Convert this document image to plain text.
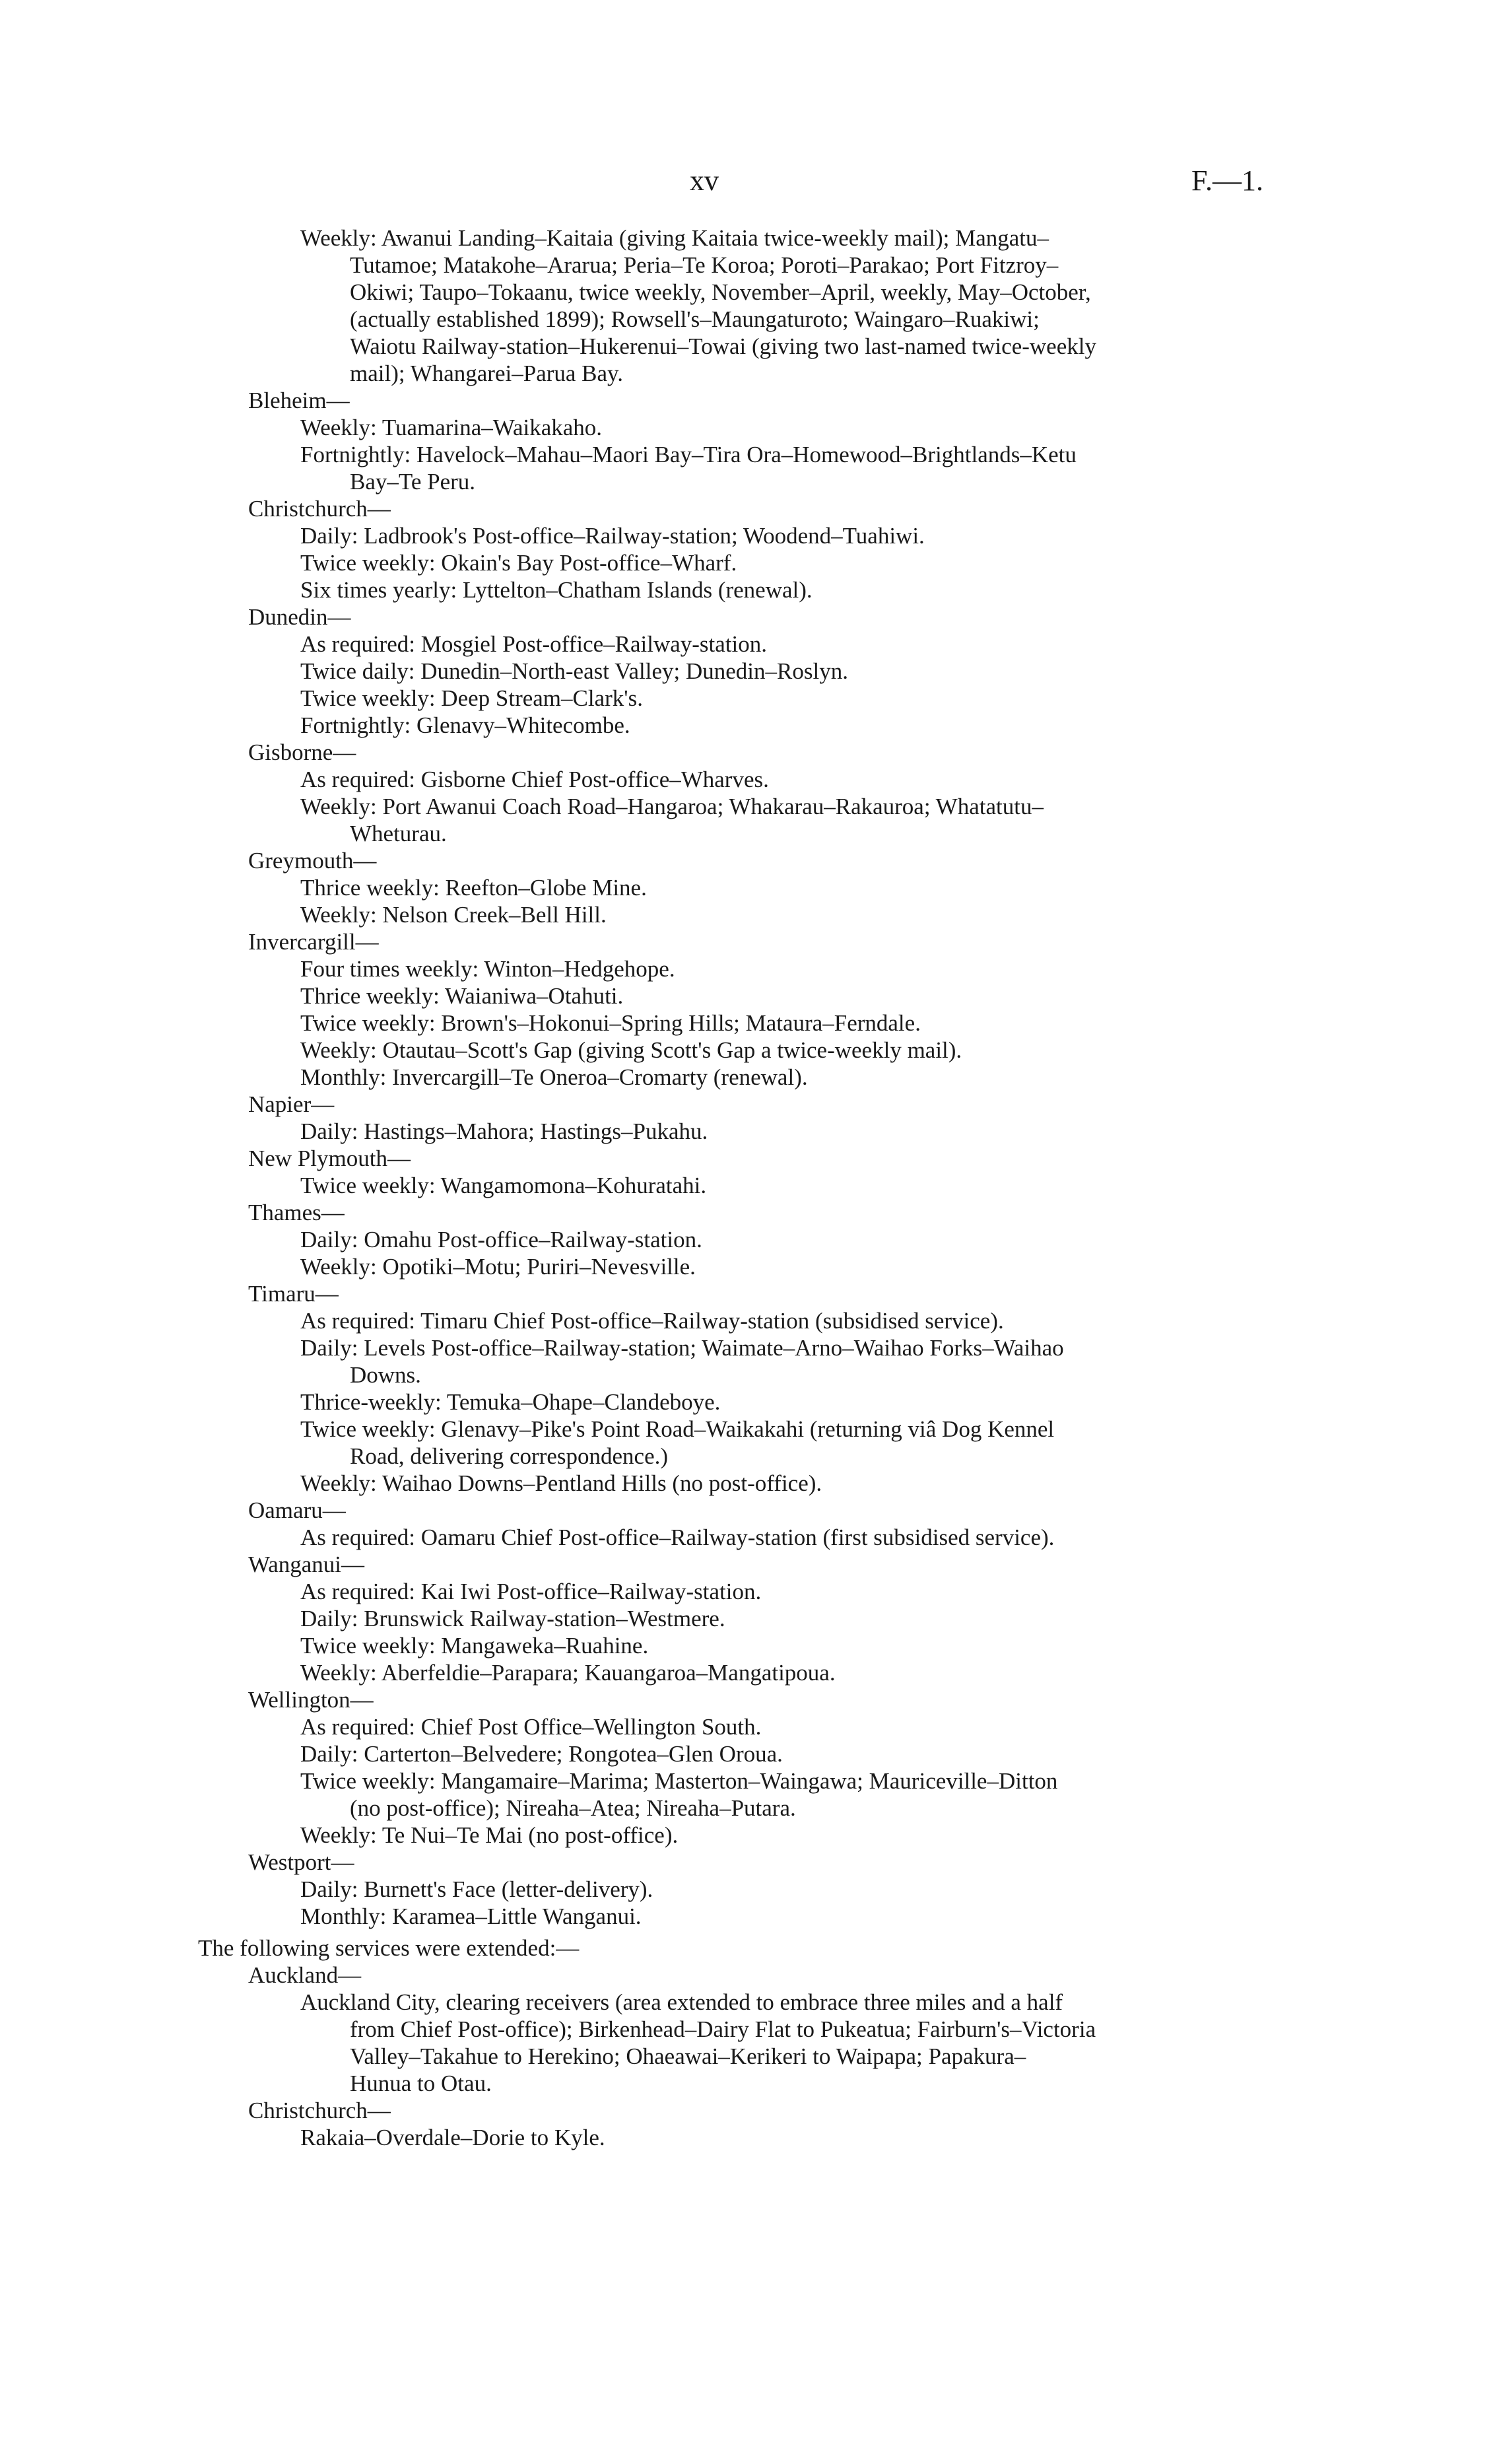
xv	F.—1.
Weekly: Awanui Landing–Kaitaia (giving Kaitaia twice-weekly mail); Mangatu–
Tutamoe; Matakohe–Ararua; Peria–Te Koroa; Poroti–Parakao; Port Fitzroy–
Okiwi; Taupo–Tokaanu, twice weekly, November–April, weekly, May–October,
(actually established 1899); Rowsell's–Maungaturoto; Waingaro–Ruakiwi;
Waiotu Railway-station–Hukerenui–Towai (giving two last-named twice-weekly
mail); Whangarei–Parua Bay.
Bleheim—
Weekly: Tuamarina–Waikakaho.
Fortnightly: Havelock–Mahau–Maori Bay–Tira Ora–Homewood–Brightlands–Ketu
Bay–Te Peru.
Christchurch—
Daily: Ladbrook's Post-office–Railway-station; Woodend–Tuahiwi.
Twice weekly: Okain's Bay Post-office–Wharf.
Six times yearly: Lyttelton–Chatham Islands (renewal).
Dunedin—
As required: Mosgiel Post-office–Railway-station.
Twice daily: Dunedin–North-east Valley; Dunedin–Roslyn.
Twice weekly: Deep Stream–Clark's.
Fortnightly: Glenavy–Whitecombe.
Gisborne—
As required: Gisborne Chief Post-office–Wharves.
Weekly: Port Awanui Coach Road–Hangaroa; Whakarau–Rakauroa; Whatatutu–
Wheturau.
Greymouth—
Thrice weekly: Reefton–Globe Mine.
Weekly: Nelson Creek–Bell Hill.
Invercargill—
Four times weekly: Winton–Hedgehope.
Thrice weekly: Waianiwa–Otahuti.
Twice weekly: Brown's–Hokonui–Spring Hills; Mataura–Ferndale.
Weekly: Otautau–Scott's Gap (giving Scott's Gap a twice-weekly mail).
Monthly: Invercargill–Te Oneroa–Cromarty (renewal).
Napier—
Daily: Hastings–Mahora; Hastings–Pukahu.
New Plymouth—
Twice weekly: Wangamomona–Kohuratahi.
Thames—
Daily: Omahu Post-office–Railway-station.
Weekly: Opotiki–Motu; Puriri–Nevesville.
Timaru—
As required: Timaru Chief Post-office–Railway-station (subsidised service).
Daily: Levels Post-office–Railway-station; Waimate–Arno–Waihao Forks–Waihao
Downs.
Thrice-weekly: Temuka–Ohape–Clandeboye.
Twice weekly: Glenavy–Pike's Point Road–Waikakahi (returning viâ Dog Kennel
Road, delivering correspondence.)
Weekly: Waihao Downs–Pentland Hills (no post-office).
Oamaru—
As required: Oamaru Chief Post-office–Railway-station (first subsidised service).
Wanganui—
As required: Kai Iwi Post-office–Railway-station.
Daily: Brunswick Railway-station–Westmere.
Twice weekly: Mangaweka–Ruahine.
Weekly: Aberfeldie–Parapara; Kauangaroa–Mangatipoua.
Wellington—
As required: Chief Post Office–Wellington South.
Daily: Carterton–Belvedere; Rongotea–Glen Oroua.
Twice weekly: Mangamaire–Marima; Masterton–Waingawa; Mauriceville–Ditton
(no post-office); Nireaha–Atea; Nireaha–Putara.
Weekly: Te Nui–Te Mai (no post-office).
Westport—
Daily: Burnett's Face (letter-delivery).
Monthly: Karamea–Little Wanganui.
The following services were extended:—
Auckland—
Auckland City, clearing receivers (area extended to embrace three miles and a half
from Chief Post-office); Birkenhead–Dairy Flat to Pukeatua; Fairburn's–Victoria
Valley–Takahue to Herekino; Ohaeawai–Kerikeri to Waipapa; Papakura–
Hunua to Otau.
Christchurch—
Rakaia–Overdale–Dorie to Kyle.
